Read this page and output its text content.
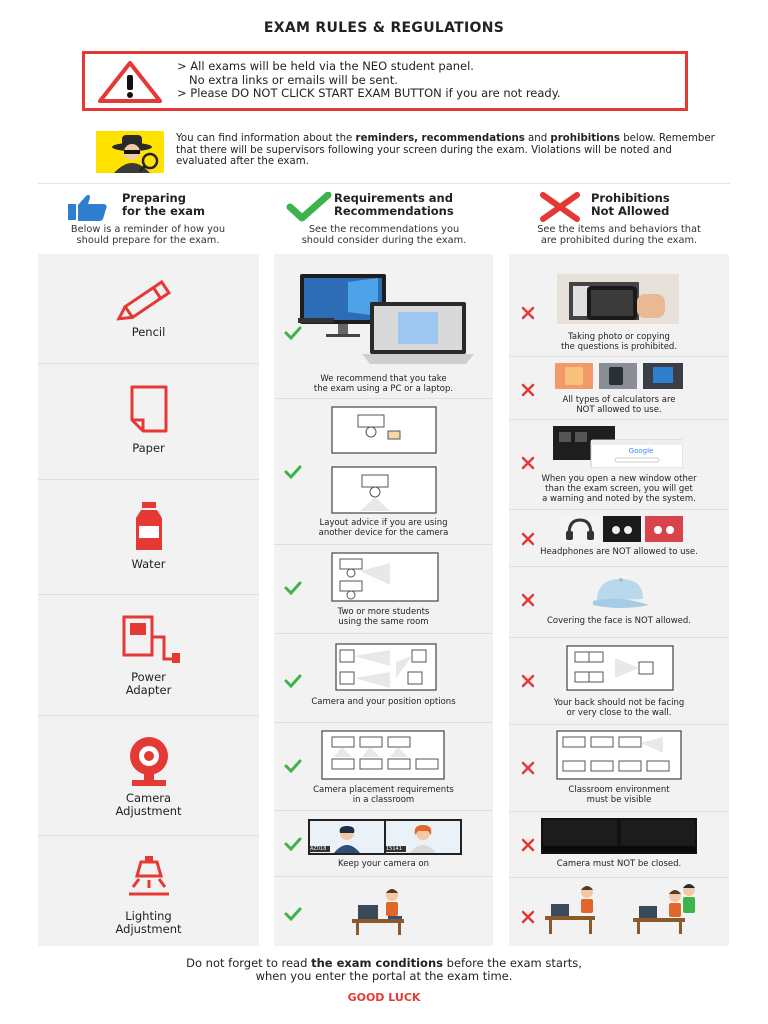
EXAM RULES & REGULATIONS
> All exams will be held via the NEO student panel.
No extra links or emails will be sent.
> Please DO NOT CLICK START EXAM BUTTON if you are not ready.
You can find information about the reminders, recommendations and prohibitions below. Remember that there will be supervisors following your screen during the exam. Violations will be noted and evaluated after the exam.
Preparing
for the exam
Below is a reminder of how you
should prepare for the exam.
Requirements and
Recommendations
See the recommendations you
should consider during the exam.
Prohibitions
Not Allowed
See the items and behaviors that
are prohibited during the exam.
Pencil
Paper
Water
Power
Adapter
Camera
Adjustment
Lighting
Adjustment
We recommend that you take
the exam using a PC or a laptop.
Layout advice if you are using
another device for the camera
Two or more students
using the same room
Camera and your position options
Camera placement requirements
in a classroom
AZ018	15141
Keep your camera on
Taking photo or copying
the questions is prohibited.
All types of calculators are
NOT allowed to use.
Google
When you open a new window other
than the exam screen, you will get
a warning and noted by the system.
Headphones are NOT allowed to use.
Covering the face is NOT allowed.
Your back should not be facing
or very close to the wall.
Classroom environment
must be visible
Camera must NOT be closed.
Do not forget to read the exam conditions before the exam starts,
when you enter the portal at the exam time.
GOOD LUCK
